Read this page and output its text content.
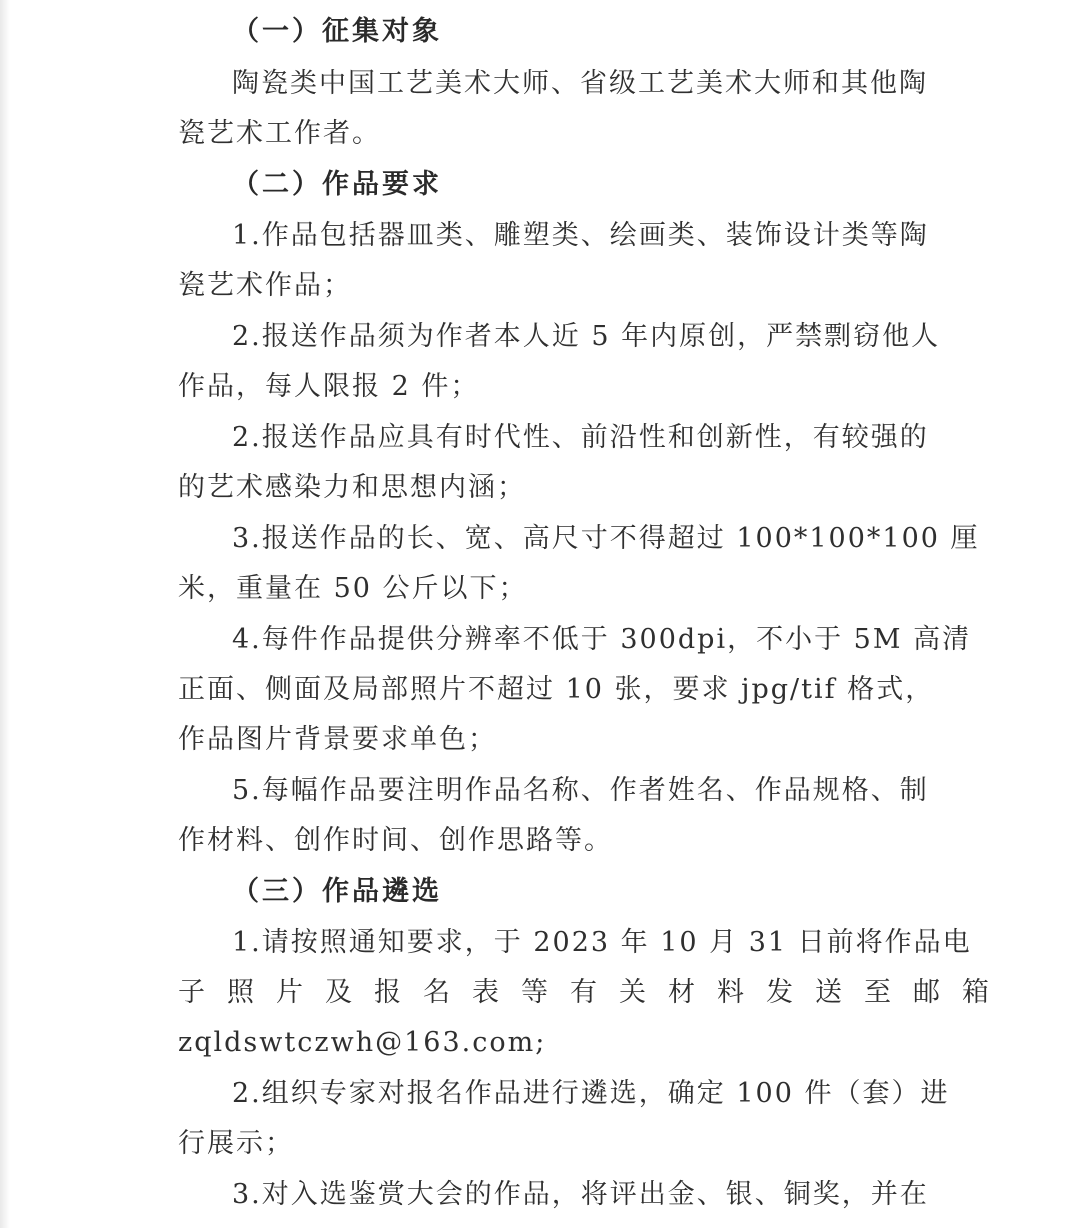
（一）征集对象
陶瓷类中国工艺美术大师、省级工艺美术大师和其他陶
瓷艺术工作者。
（二）作品要求
1.作品包括器皿类、雕塑类、绘画类、装饰设计类等陶
瓷艺术作品；
2.报送作品须为作者本人近 5 年内原创，严禁剽窃他人
作品，每人限报 2 件；
2.报送作品应具有时代性、前沿性和创新性，有较强的
的艺术感染力和思想内涵；
3.报送作品的长、宽、高尺寸不得超过 100*100*100 厘
米，重量在 50 公斤以下；
4.每件作品提供分辨率不低于 300dpi，不小于 5M 高清
正面、侧面及局部照片不超过 10 张，要求 jpg/tif 格式，
作品图片背景要求单色；
5.每幅作品要注明作品名称、作者姓名、作品规格、制
作材料、创作时间、创作思路等。
（三）作品遴选
1.请按照通知要求，于 2023 年 10 月 31 日前将作品电
子照片及报名表等有关材料发送至邮箱
zqldswtczwh@163.com;
2.组织专家对报名作品进行遴选，确定 100 件（套）进
行展示；
3.对入选鉴赏大会的作品，将评出金、银、铜奖，并在
